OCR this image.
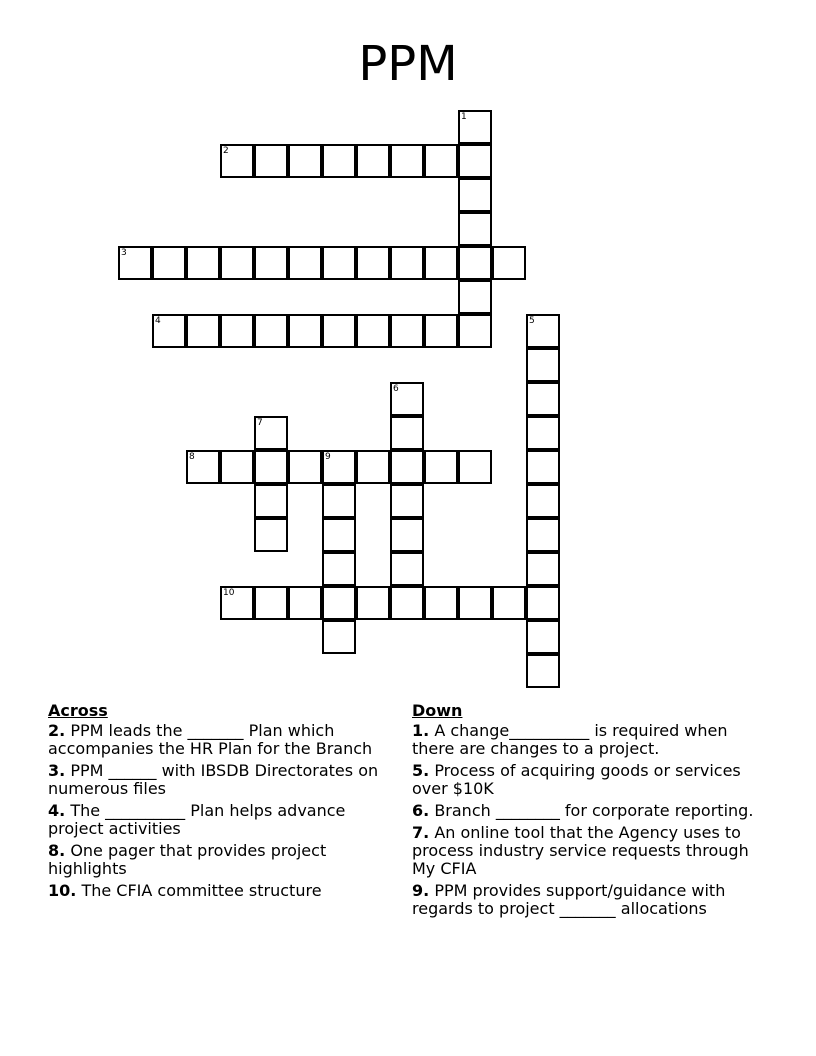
PPM
1
2
3
4	5
6
7
8	9
10
Across
2. PPM leads the _______ Plan which accompanies the HR Plan for the Branch
3. PPM ______ with IBSDB Directorates on numerous files
4. The __________ Plan helps advance project activities
8. One pager that provides project highlights
10. The CFIA committee structure
Down
1. A change__________ is required when there are changes to a project.
5. Process of acquiring goods or services over $10K
6. Branch ________ for corporate reporting.
7. An online tool that the Agency uses to process industry service requests through My CFIA
9. PPM provides support/guidance with regards to project _______ allocations
